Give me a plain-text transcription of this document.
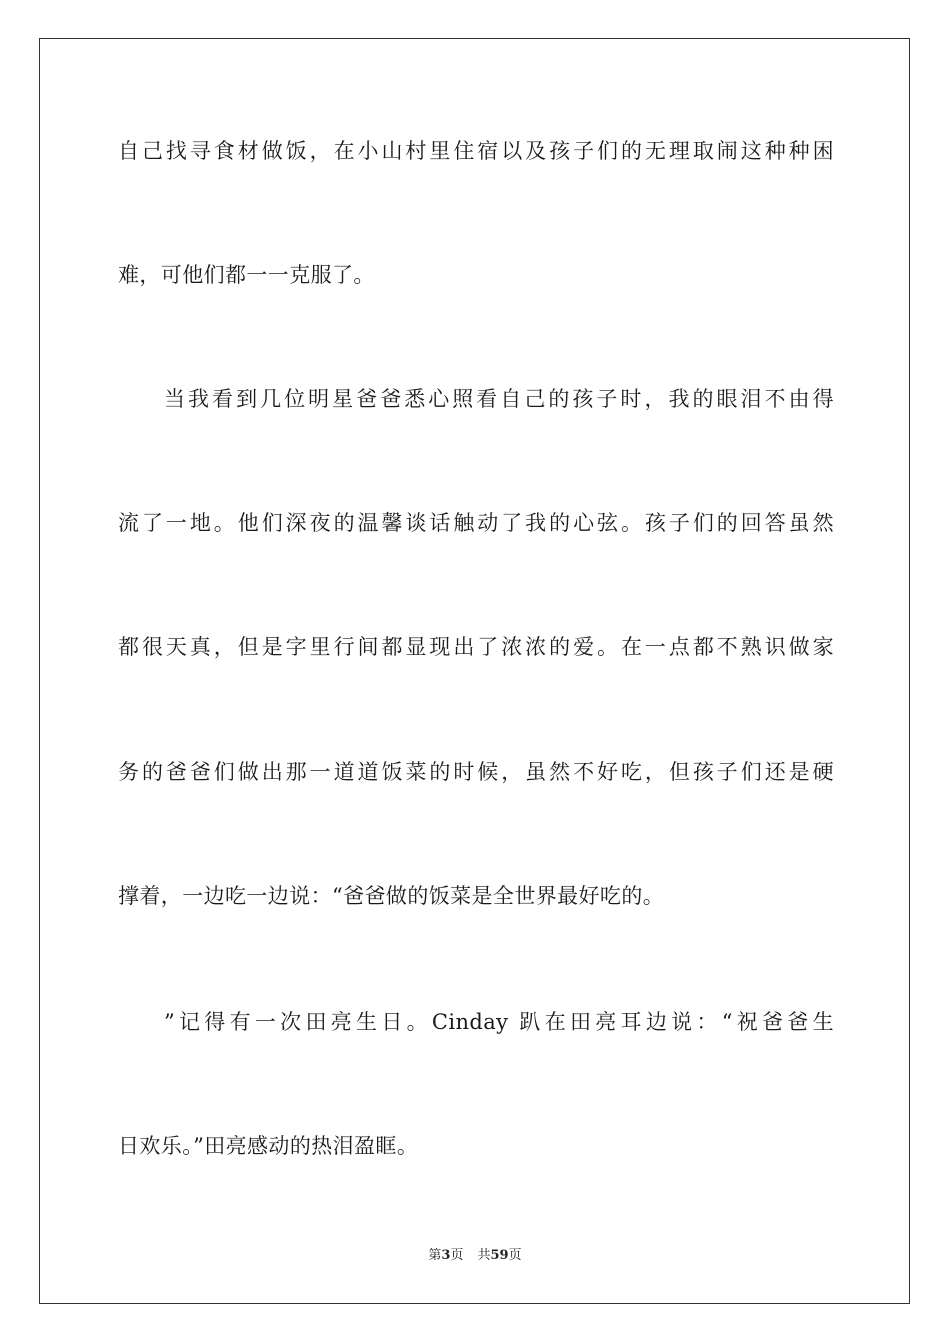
自己找寻食材做饭，在小山村里住宿以及孩子们的无理取闹这种种困
难，可他们都一一克服了。
当我看到几位明星爸爸悉心照看自己的孩子时，我的眼泪不由得
流了一地。他们深夜的温馨谈话触动了我的心弦。孩子们的回答虽然
都很天真，但是字里行间都显现出了浓浓的爱。在一点都不熟识做家
务的爸爸们做出那一道道饭菜的时候，虽然不好吃，但孩子们还是硬
撑着，一边吃一边说：“爸爸做的饭菜是全世界最好吃的。
”记得有一次田亮生日。Cinday 趴在田亮耳边说：“祝爸爸生
日欢乐。”田亮感动的热泪盈眶。
第3页 共59页
